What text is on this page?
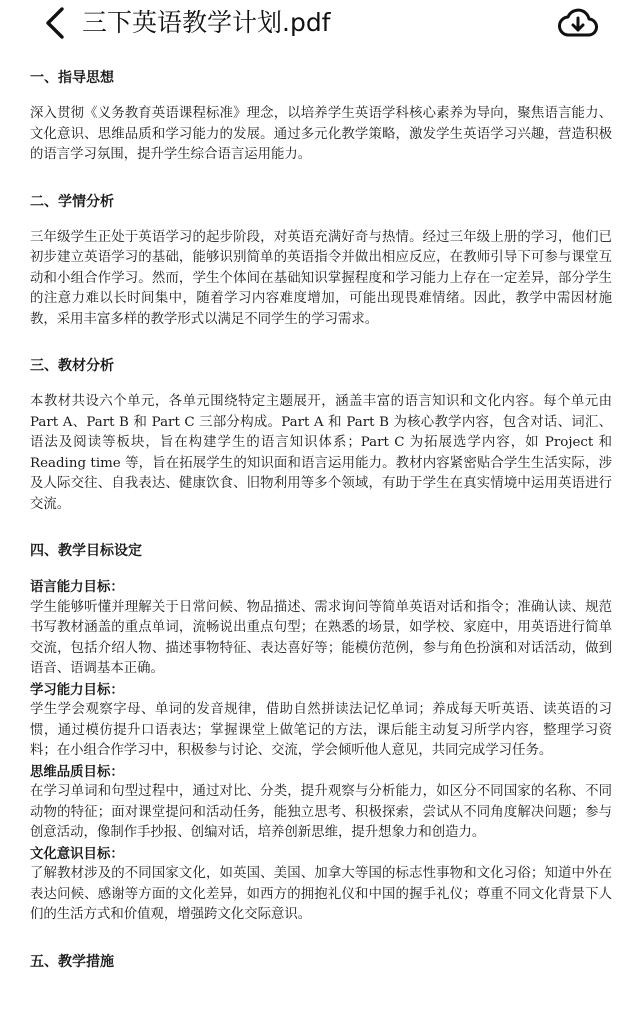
三下英语教学计划.pdf

一、指导思想

深入贯彻《义务教育英语课程标准》理念，以培养学生英语学科核心素养为导向，聚焦语言能力、文化意识、思维品质和学习能力的发展。通过多元化教学策略，激发学生英语学习兴趣，营造积极的语言学习氛围，提升学生综合语言运用能力。

二、学情分析

三年级学生正处于英语学习的起步阶段，对英语充满好奇与热情。经过三年级上册的学习，他们已初步建立英语学习的基础，能够识别简单的英语指令并做出相应反应，在教师引导下可参与课堂互动和小组合作学习。然而，学生个体间在基础知识掌握程度和学习能力上存在一定差异，部分学生的注意力难以长时间集中，随着学习内容难度增加，可能出现畏难情绪。因此，教学中需因材施教，采用丰富多样的教学形式以满足不同学生的学习需求。

三、教材分析

本教材共设六个单元，各单元围绕特定主题展开，涵盖丰富的语言知识和文化内容。每个单元由 Part A、Part B 和 Part C 三部分构成。Part A 和 Part B 为核心教学内容，包含对话、词汇、语法及阅读等板块，旨在构建学生的语言知识体系；Part C 为拓展选学内容，如 Project 和 Reading time 等，旨在拓展学生的知识面和语言运用能力。教材内容紧密贴合学生生活实际，涉及人际交往、自我表达、健康饮食、旧物利用等多个领域，有助于学生在真实情境中运用英语进行交流。

四、教学目标设定

语言能力目标：

学生能够听懂并理解关于日常问候、物品描述、需求询问等简单英语对话和指令；准确认读、规范书写教材涵盖的重点单词，流畅说出重点句型；在熟悉的场景，如学校、家庭中，用英语进行简单交流，包括介绍人物、描述事物特征、表达喜好等；能模仿范例，参与角色扮演和对话活动，做到语音、语调基本正确。

学习能力目标：

学生学会观察字母、单词的发音规律，借助自然拼读法记忆单词；养成每天听英语、读英语的习惯，通过模仿提升口语表达；掌握课堂上做笔记的方法，课后能主动复习所学内容，整理学习资料；在小组合作学习中，积极参与讨论、交流，学会倾听他人意见，共同完成学习任务。

思维品质目标：

在学习单词和句型过程中，通过对比、分类，提升观察与分析能力，如区分不同国家的名称、不同动物的特征；面对课堂提问和活动任务，能独立思考、积极探索，尝试从不同角度解决问题；参与创意活动，像制作手抄报、创编对话，培养创新思维，提升想象力和创造力。

文化意识目标：

了解教材涉及的不同国家文化，如英国、美国、加拿大等国的标志性事物和文化习俗；知道中外在表达问候、感谢等方面的文化差异，如西方的拥抱礼仪和中国的握手礼仪；尊重不同文化背景下人们的生活方式和价值观，增强跨文化交际意识。

五、教学措施
